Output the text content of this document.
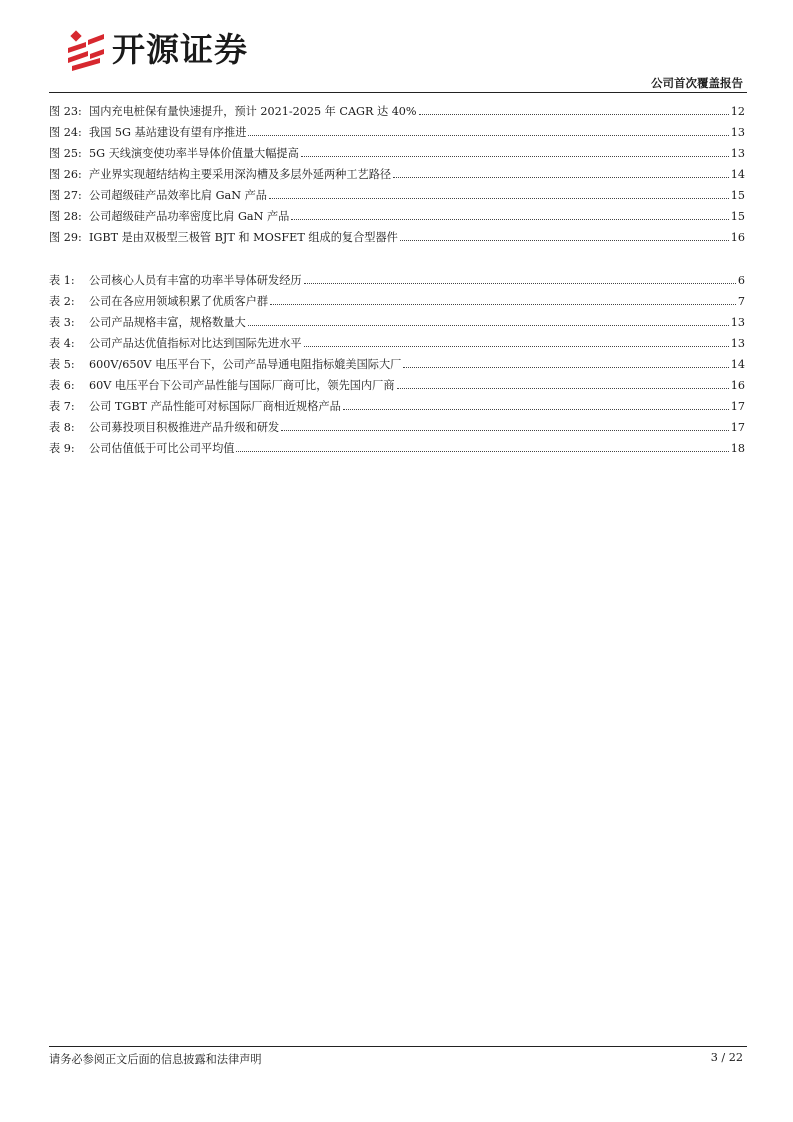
开源证券
公司首次覆盖报告
图 23: 国内充电桩保有量快速提升，预计 2021-2025 年 CAGR 达 40%	12
图 24: 我国 5G 基站建设有望有序推进	13
图 25: 5G 天线演变使功率半导体价值量大幅提高	13
图 26: 产业界实现超结结构主要采用深沟槽及多层外延两种工艺路径	14
图 27: 公司超级硅产品效率比肩 GaN 产品	15
图 28: 公司超级硅产品功率密度比肩 GaN 产品	15
图 29: IGBT 是由双极型三极管 BJT 和 MOSFET 组成的复合型器件	16
表 1:	公司核心人员有丰富的功率半导体研发经历	6
表 2:	公司在各应用领域积累了优质客户群	7
表 3:	公司产品规格丰富，规格数量大	13
表 4:	公司产品达优值指标对比达到国际先进水平	13
表 5:	600V/650V 电压平台下，公司产品导通电阻指标媲美国际大厂	14
表 6:	60V 电压平台下公司产品性能与国际厂商可比，领先国内厂商	16
表 7:	公司 TGBT 产品性能可对标国际厂商相近规格产品	17
表 8:	公司募投项目积极推进产品升级和研发	17
表 9:	公司估值低于可比公司平均值	18
请务必参阅正文后面的信息披露和法律声明	3 / 22
